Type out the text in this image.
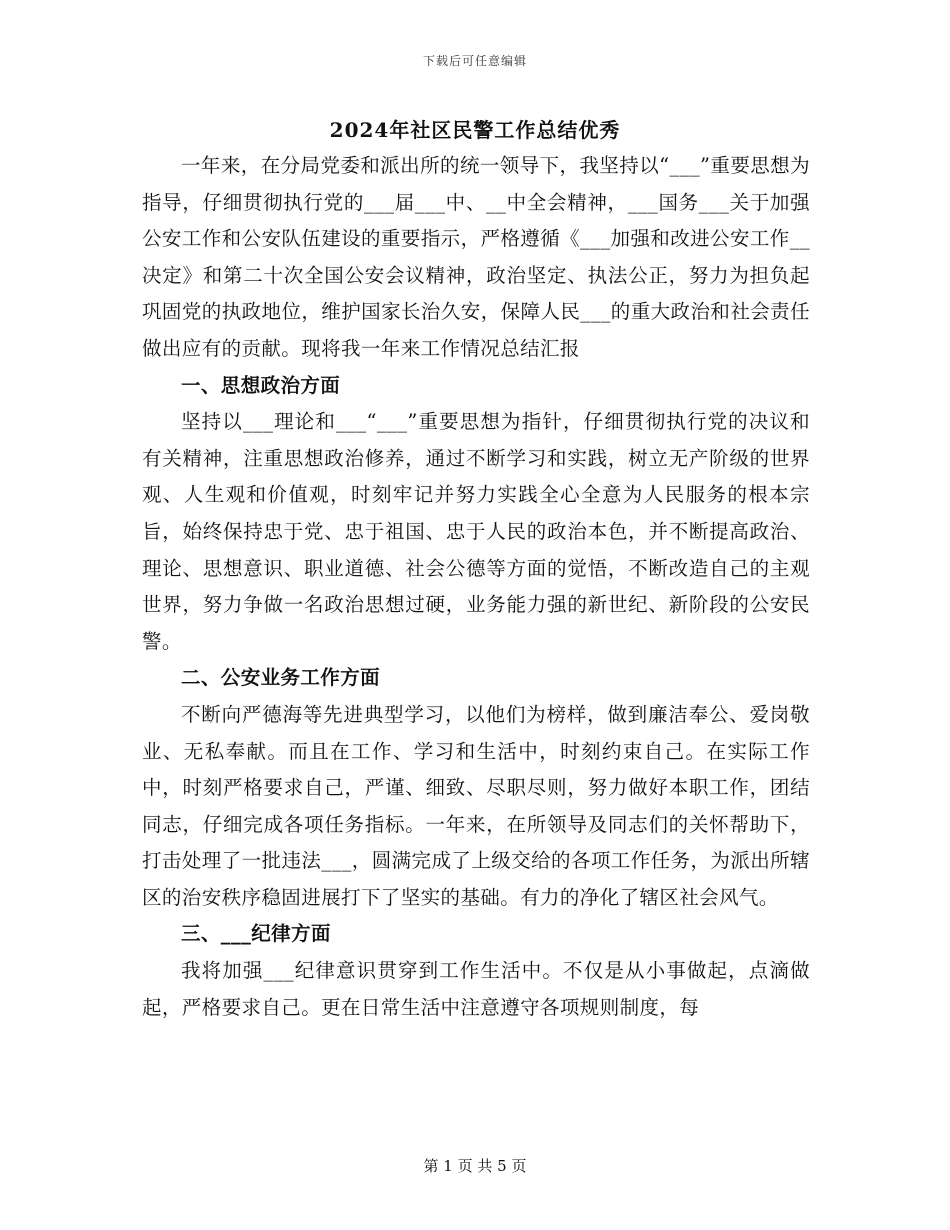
下载后可任意编辑
2024年社区民警工作总结优秀

一年来，在分局党委和派出所的统一领导下，我坚持以“___”重要思想为指导，仔细贯彻执行党的___届___中、__中全会精神，___国务___关于加强公安工作和公安队伍建设的重要指示，严格遵循《___加强和改进公安工作__决定》和第二十次全国公安会议精神，政治坚定、执法公正，努力为担负起巩固党的执政地位，维护国家长治久安，保障人民___的重大政治和社会责任做出应有的贡献。现将我一年来工作情况总结汇报

一、思想政治方面

坚持以___理论和___“___”重要思想为指针，仔细贯彻执行党的决议和有关精神，注重思想政治修养，通过不断学习和实践，树立无产阶级的世界观、人生观和价值观，时刻牢记并努力实践全心全意为人民服务的根本宗旨，始终保持忠于党、忠于祖国、忠于人民的政治本色，并不断提高政治、理论、思想意识、职业道德、社会公德等方面的觉悟，不断改造自己的主观世界，努力争做一名政治思想过硬，业务能力强的新世纪、新阶段的公安民警。

二、公安业务工作方面

不断向严德海等先进典型学习，以他们为榜样，做到廉洁奉公、爱岗敬业、无私奉献。而且在工作、学习和生活中，时刻约束自己。在实际工作中，时刻严格要求自己，严谨、细致、尽职尽则，努力做好本职工作，团结同志，仔细完成各项任务指标。一年来，在所领导及同志们的关怀帮助下，打击处理了一批违法___，圆满完成了上级交给的各项工作任务，为派出所辖区的治安秩序稳固进展打下了坚实的基础。有力的净化了辖区社会风气。

三、___纪律方面

我将加强___纪律意识贯穿到工作生活中。不仅是从小事做起，点滴做起，严格要求自己。更在日常生活中注意遵守各项规则制度，每

第 1 页 共 5 页
